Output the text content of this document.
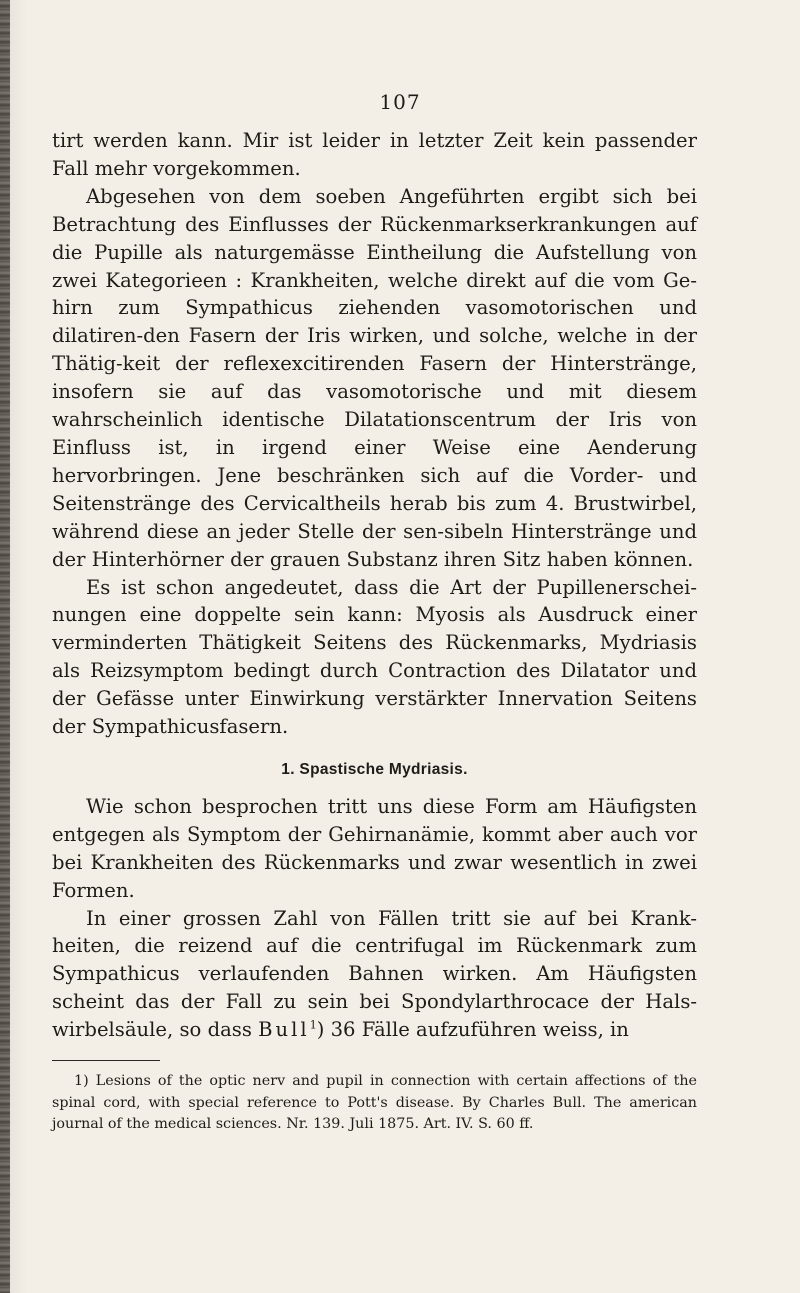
107

tirt werden kann. Mir ist leider in letzter Zeit kein passender Fall mehr vorgekommen.

Abgesehen von dem soeben Angeführten ergibt sich bei Betrachtung des Einflusses der Rückenmarkserkrankungen auf die Pupille als naturgemässe Eintheilung die Aufstellung von zwei Kategorieen : Krankheiten, welche direkt auf die vom Ge-hirn zum Sympathicus ziehenden vasomotorischen und dilatiren-den Fasern der Iris wirken, und solche, welche in der Thätig-keit der reflexexcitirenden Fasern der Hinterstränge, insofern sie auf das vasomotorische und mit diesem wahrscheinlich identische Dilatationscentrum der Iris von Einfluss ist, in irgend einer Weise eine Aenderung hervorbringen. Jene beschränken sich auf die Vorder- und Seitenstränge des Cervicaltheils herab bis zum 4. Brustwirbel, während diese an jeder Stelle der sen-sibeln Hinterstränge und der Hinterhörner der grauen Substanz ihren Sitz haben können.

Es ist schon angedeutet, dass die Art der Pupillenerschei-nungen eine doppelte sein kann: Myosis als Ausdruck einer verminderten Thätigkeit Seitens des Rückenmarks, Mydriasis als Reizsymptom bedingt durch Contraction des Dilatator und der Gefässe unter Einwirkung verstärkter Innervation Seitens der Sympathicusfasern.

1. Spastische Mydriasis.

Wie schon besprochen tritt uns diese Form am Häufigsten entgegen als Symptom der Gehirnanämie, kommt aber auch vor bei Krankheiten des Rückenmarks und zwar wesentlich in zwei Formen.

In einer grossen Zahl von Fällen tritt sie auf bei Krank-heiten, die reizend auf die centrifugal im Rückenmark zum Sympathicus verlaufenden Bahnen wirken. Am Häufigsten scheint das der Fall zu sein bei Spondylarthrocace der Hals-wirbelsäule, so dass Bull$^1$) 36 Fälle aufzuführen weiss, in

1) Lesions of the optic nerv and pupil in connection with certain affections of the spinal cord, with special reference to Pott's disease. By Charles Bull. The american journal of the medical sciences. Nr. 139. Juli 1875. Art. IV. S. 60 ff.
